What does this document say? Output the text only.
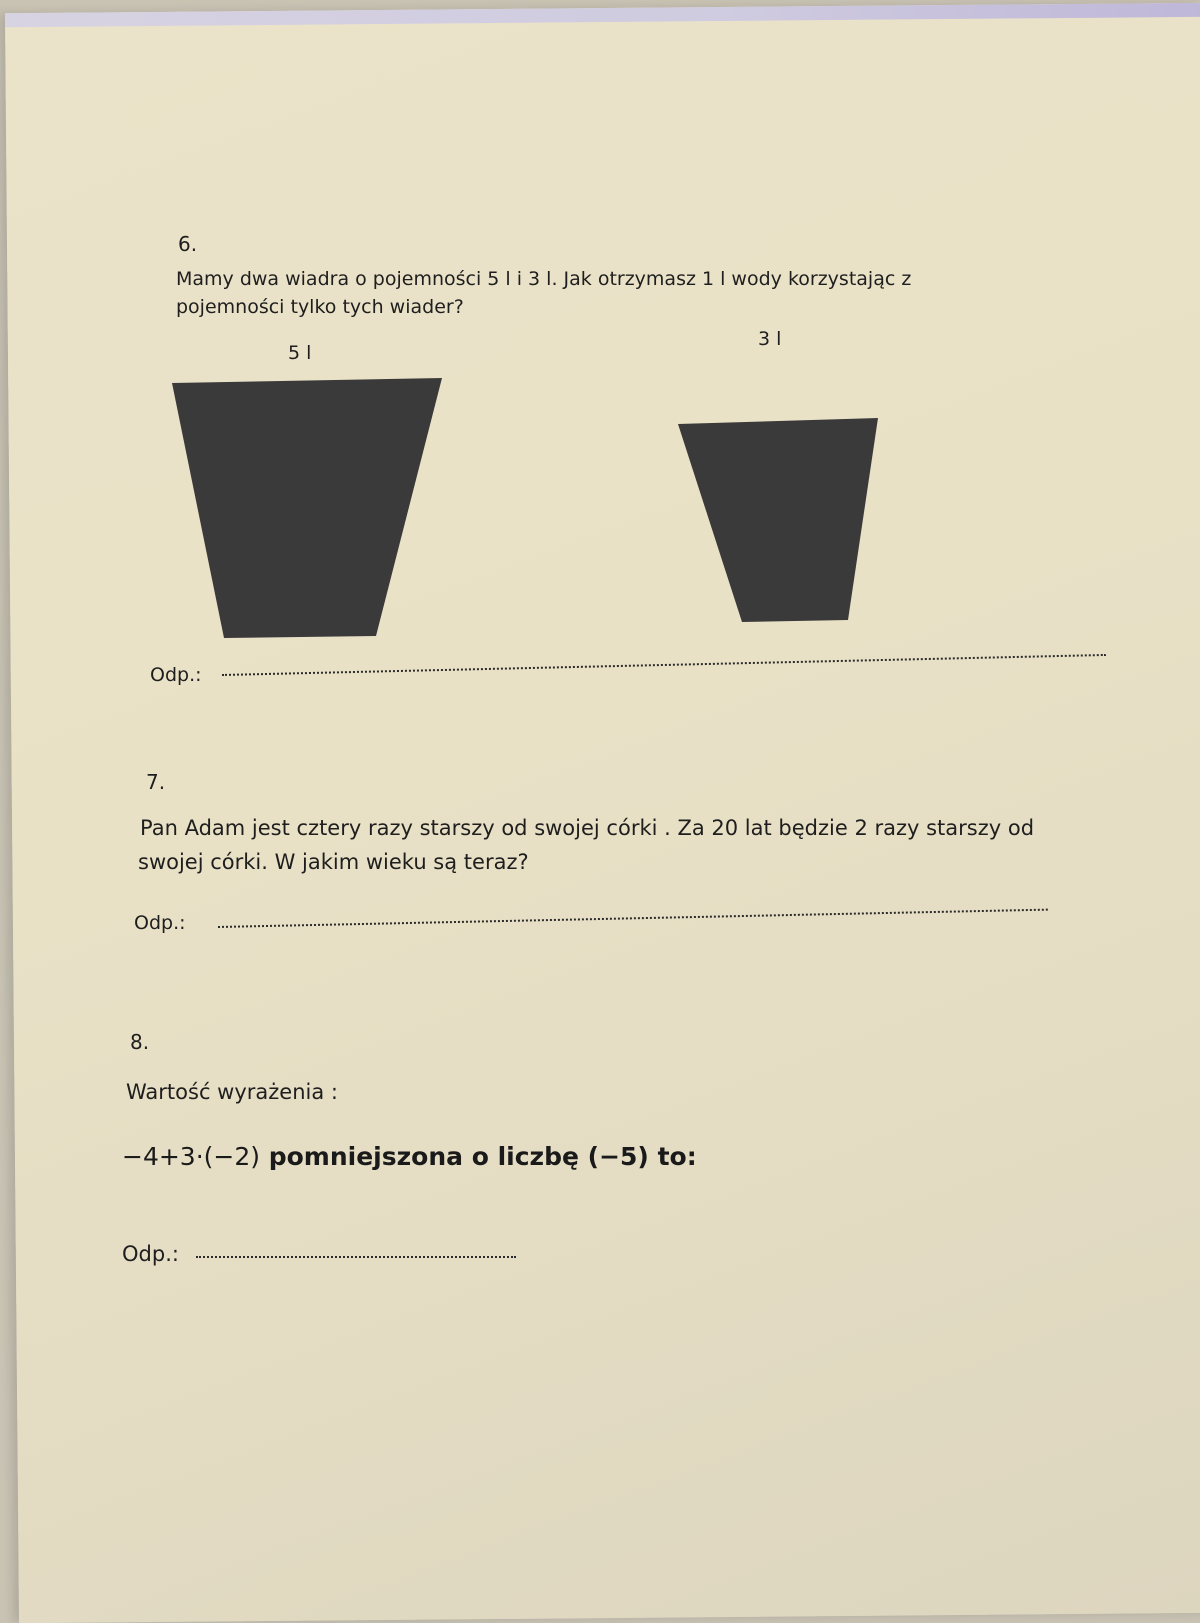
6.
Mamy dwa wiadra o pojemności 5 l i 3 l. Jak otrzymasz 1 l wody korzystając z
pojemności tylko tych wiader?
5 l
3 l
Odp.:
7.
Pan Adam jest cztery razy starszy od swojej córki . Za 20 lat będzie 2 razy starszy od
swojej córki. W jakim wieku są teraz?
Odp.:
8.
Wartość wyrażenia :
−4+3·(−2) pomniejszona o liczbę (−5) to:
Odp.:
